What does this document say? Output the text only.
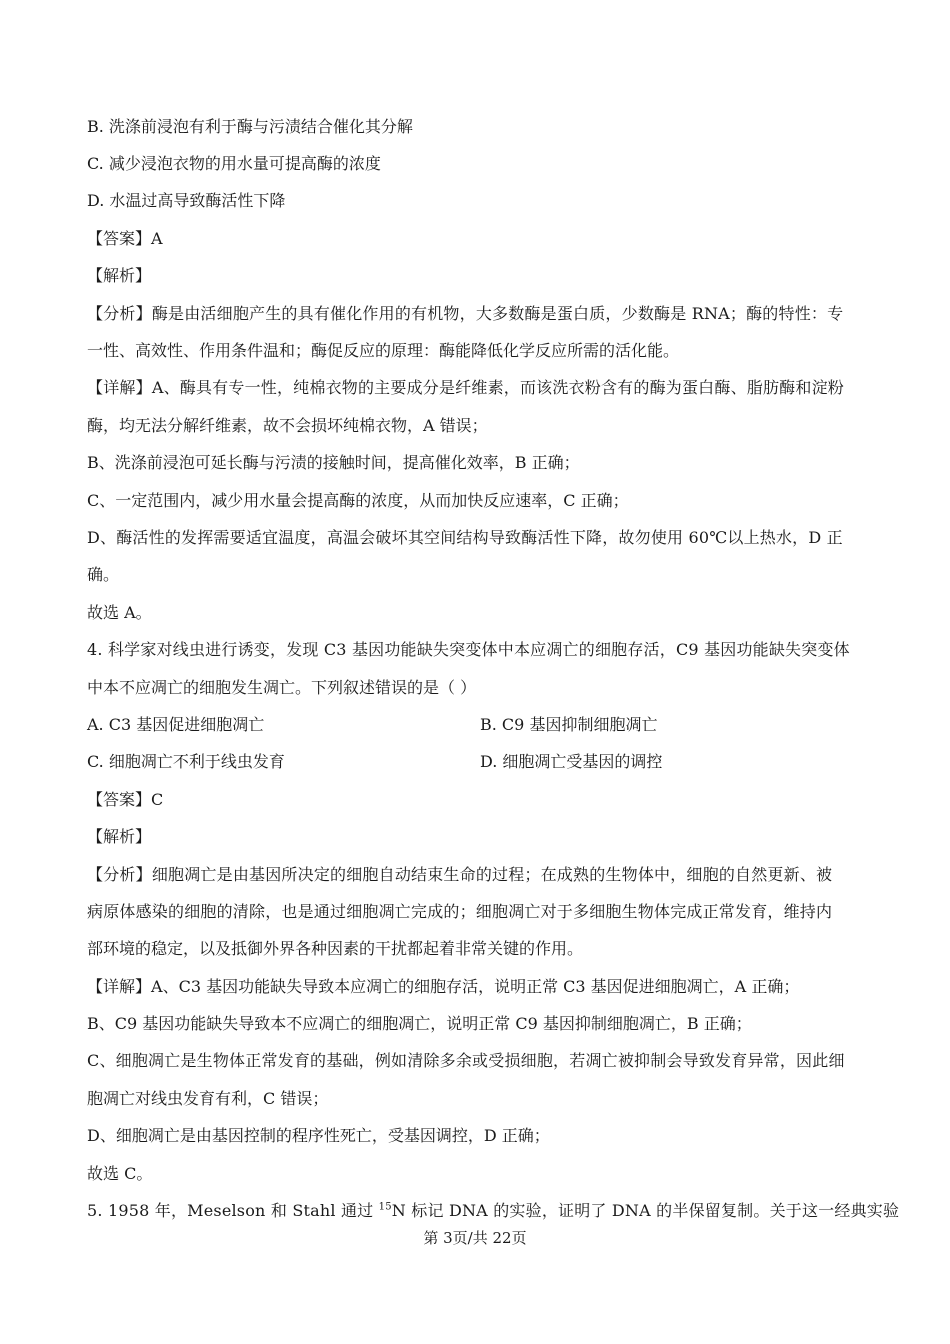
B. 洗涤前浸泡有利于酶与污渍结合催化其分解
C. 减少浸泡衣物的用水量可提高酶的浓度
D. 水温过高导致酶活性下降
【答案】A
【解析】
【分析】酶是由活细胞产生的具有催化作用的有机物，大多数酶是蛋白质，少数酶是 RNA；酶的特性：专
一性、高效性、作用条件温和；酶促反应的原理：酶能降低化学反应所需的活化能。
【详解】A、酶具有专一性，纯棉衣物的主要成分是纤维素，而该洗衣粉含有的酶为蛋白酶、脂肪酶和淀粉
酶，均无法分解纤维素，故不会损坏纯棉衣物，A 错误；
B、洗涤前浸泡可延长酶与污渍的接触时间，提高催化效率，B 正确；
C、一定范围内，减少用水量会提高酶的浓度，从而加快反应速率，C 正确；
D、酶活性的发挥需要适宜温度，高温会破坏其空间结构导致酶活性下降，故勿使用 60℃以上热水，D 正
确。
故选 A。
4. 科学家对线虫进行诱变，发现 C3 基因功能缺失突变体中本应凋亡的细胞存活，C9 基因功能缺失突变体
中本不应凋亡的细胞发生凋亡。下列叙述错误的是（ ）
A. C3 基因促进细胞凋亡	B. C9 基因抑制细胞凋亡
C. 细胞凋亡不利于线虫发育	D. 细胞凋亡受基因的调控
【答案】C
【解析】
【分析】细胞凋亡是由基因所决定的细胞自动结束生命的过程；在成熟的生物体中，细胞的自然更新、被
病原体感染的细胞的清除，也是通过细胞凋亡完成的；细胞凋亡对于多细胞生物体完成正常发育，维持内
部环境的稳定，以及抵御外界各种因素的干扰都起着非常关键的作用。
【详解】A、C3 基因功能缺失导致本应凋亡的细胞存活，说明正常 C3 基因促进细胞凋亡，A 正确；
B、C9 基因功能缺失导致本不应凋亡的细胞凋亡，说明正常 C9 基因抑制细胞凋亡，B 正确；
C、细胞凋亡是生物体正常发育的基础，例如清除多余或受损细胞，若凋亡被抑制会导致发育异常，因此细
胞凋亡对线虫发育有利，C 错误；
D、细胞凋亡是由基因控制的程序性死亡，受基因调控，D 正确；
故选 C。
5. 1958 年，Meselson 和 Stahl 通过 $^{15}$N 标记 DNA 的实验，证明了 DNA 的半保留复制。关于这一经典实验
第 3页/共 22页
